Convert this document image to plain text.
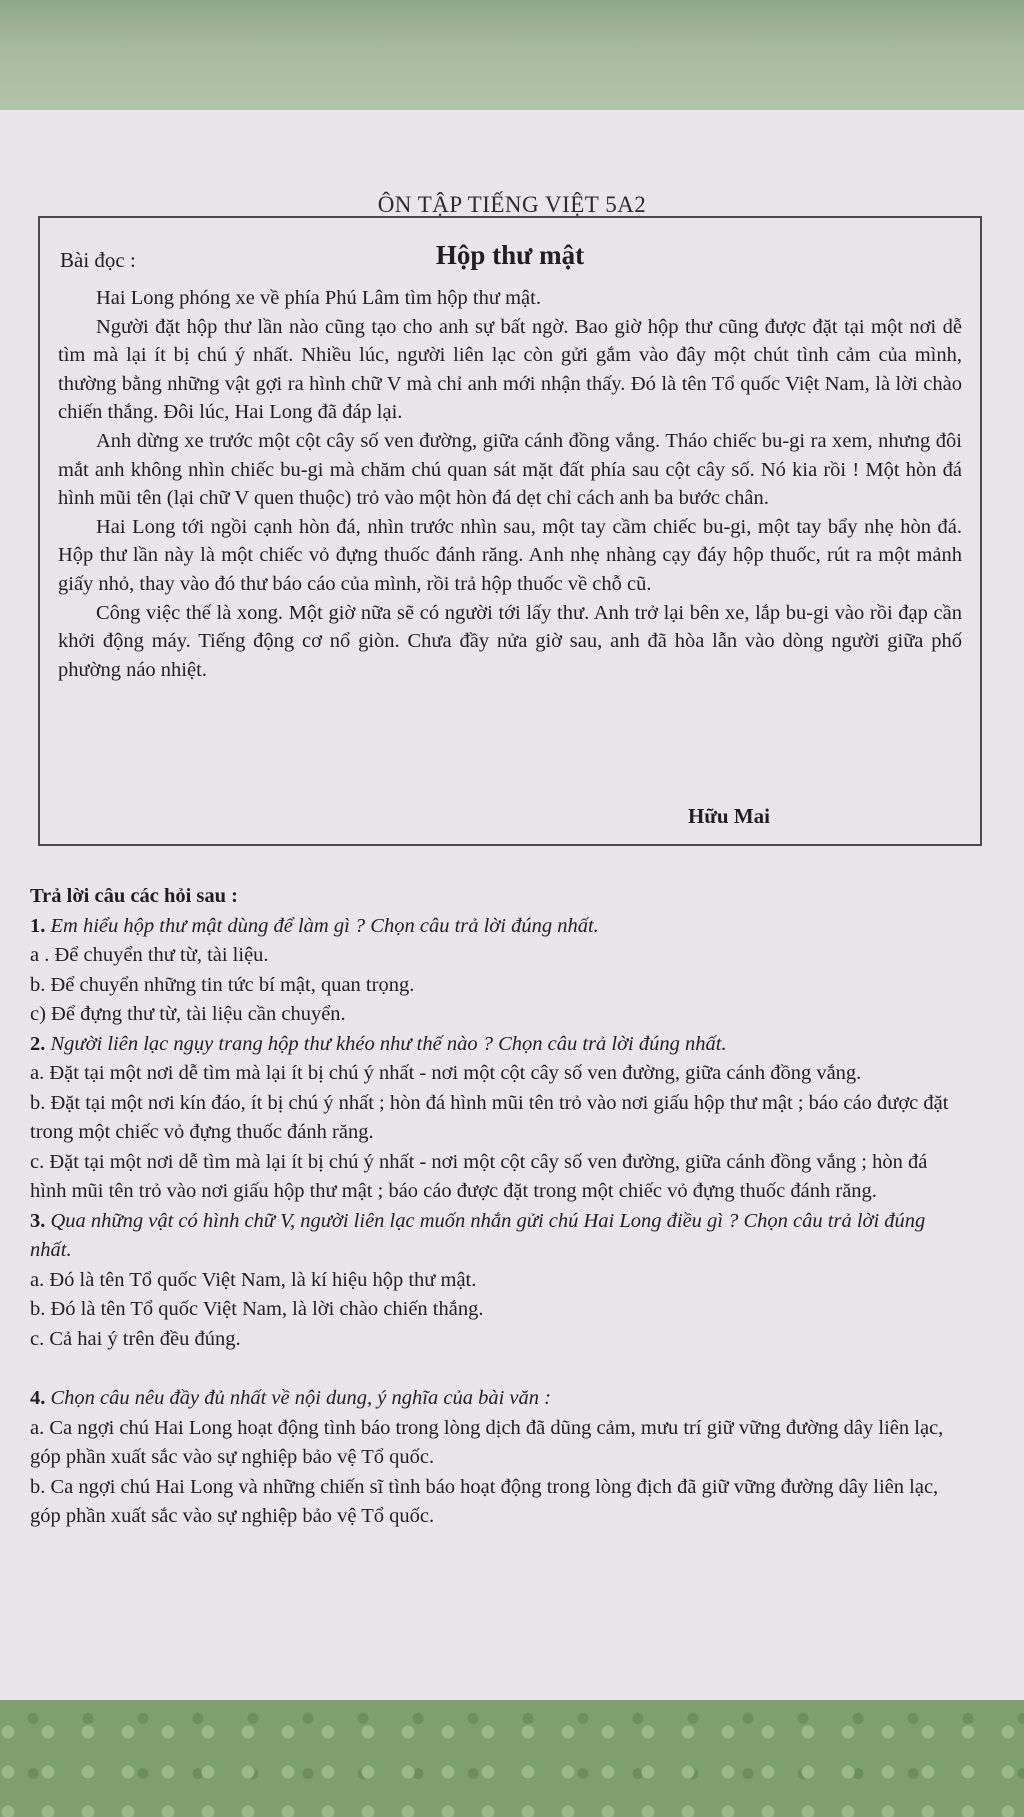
ÔN TẬP TIẾNG VIỆT 5A2
Bài đọc :	Hộp thư mật

Hai Long phóng xe về phía Phú Lâm tìm hộp thư mật.

Người đặt hộp thư lần nào cũng tạo cho anh sự bất ngờ. Bao giờ hộp thư cũng được đặt tại một nơi dễ tìm mà lại ít bị chú ý nhất. Nhiều lúc, người liên lạc còn gửi gắm vào đây một chút tình cảm của mình, thường bằng những vật gợi ra hình chữ V mà chỉ anh mới nhận thấy. Đó là tên Tổ quốc Việt Nam, là lời chào chiến thắng. Đôi lúc, Hai Long đã đáp lại.

Anh dừng xe trước một cột cây số ven đường, giữa cánh đồng vắng. Tháo chiếc bu-gi ra xem, nhưng đôi mắt anh không nhìn chiếc bu-gi mà chăm chú quan sát mặt đất phía sau cột cây số. Nó kia rồi ! Một hòn đá hình mũi tên (lại chữ V quen thuộc) trỏ vào một hòn đá dẹt chỉ cách anh ba bước chân.

Hai Long tới ngồi cạnh hòn đá, nhìn trước nhìn sau, một tay cầm chiếc bu-gi, một tay bẩy nhẹ hòn đá. Hộp thư lần này là một chiếc vỏ đựng thuốc đánh răng. Anh nhẹ nhàng cạy đáy hộp thuốc, rút ra một mảnh giấy nhỏ, thay vào đó thư báo cáo của mình, rồi trả hộp thuốc về chỗ cũ.

Công việc thế là xong. Một giờ nữa sẽ có người tới lấy thư. Anh trở lại bên xe, lắp bu-gi vào rồi đạp cần khởi động máy. Tiếng động cơ nổ giòn. Chưa đầy nửa giờ sau, anh đã hòa lẫn vào dòng người giữa phố phường náo nhiệt.

Hữu Mai
Trả lời câu các hỏi sau :
1. Em hiểu hộp thư mật dùng để làm gì ? Chọn câu trả lời đúng nhất.
a . Để chuyển thư từ, tài liệu.
b. Để chuyển những tin tức bí mật, quan trọng.
c) Để đựng thư từ, tài liệu cần chuyển.
2. Người liên lạc ngụy trang hộp thư khéo như thế nào ? Chọn câu trả lời đúng nhất.
a. Đặt tại một nơi dễ tìm mà lại ít bị chú ý nhất - nơi một cột cây số ven đường, giữa cánh đồng vắng.
b. Đặt tại một nơi kín đáo, ít bị chú ý nhất ; hòn đá hình mũi tên trỏ vào nơi giấu hộp thư mật ; báo cáo được đặt trong một chiếc vỏ đựng thuốc đánh răng.
c. Đặt tại một nơi dễ tìm mà lại ít bị chú ý nhất - nơi một cột cây số ven đường, giữa cánh đồng vắng ; hòn đá hình mũi tên trỏ vào nơi giấu hộp thư mật ; báo cáo được đặt trong một chiếc vỏ đựng thuốc đánh răng.
3. Qua những vật có hình chữ V, người liên lạc muốn nhắn gửi chú Hai Long điều gì ? Chọn câu trả lời đúng nhất.
a. Đó là tên Tổ quốc Việt Nam, là kí hiệu hộp thư mật.
b. Đó là tên Tổ quốc Việt Nam, là lời chào chiến thắng.
c. Cả hai ý trên đều đúng.
4. Chọn câu nêu đầy đủ nhất về nội dung, ý nghĩa của bài văn :
a. Ca ngợi chú Hai Long hoạt động tình báo trong lòng dịch đã dũng cảm, mưu trí giữ vững đường dây liên lạc, góp phần xuất sắc vào sự nghiệp bảo vệ Tổ quốc.
b. Ca ngợi chú Hai Long và những chiến sĩ tình báo hoạt động trong lòng địch đã giữ vững đường dây liên lạc, góp phần xuất sắc vào sự nghiệp bảo vệ Tổ quốc.
